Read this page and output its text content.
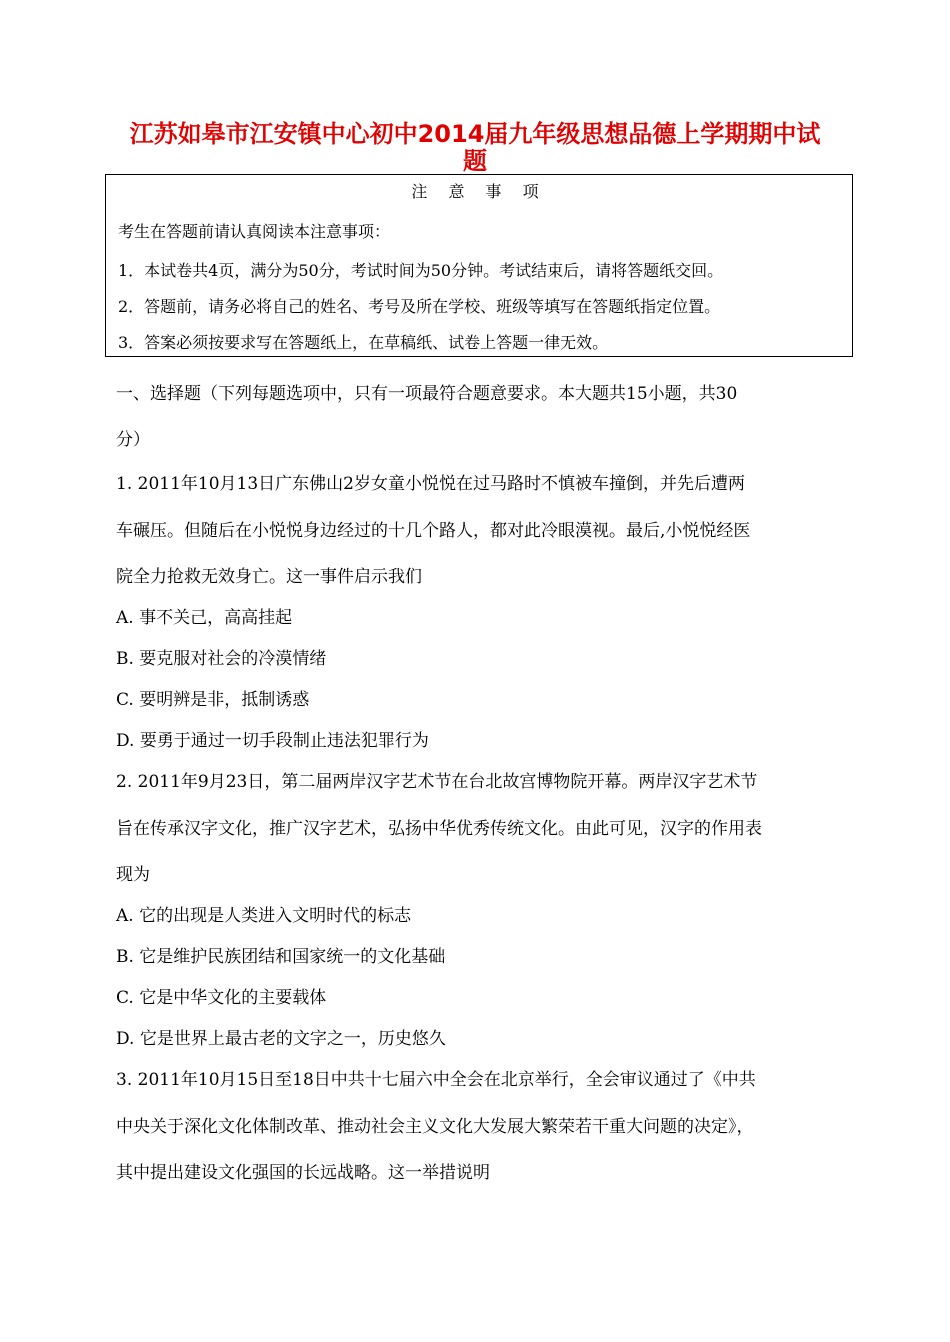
江苏如皋市江安镇中心初中2014届九年级思想品德上学期期中试
题
注 意 事 项
考生在答题前请认真阅读本注意事项：
1．本试卷共4页，满分为50分，考试时间为50分钟。考试结束后，请将答题纸交回。
2．答题前，请务必将自己的姓名、考号及所在学校、班级等填写在答题纸指定位置。
3．答案必须按要求写在答题纸上，在草稿纸、试卷上答题一律无效。
一、选择题（下列每题选项中，只有一项最符合题意要求。本大题共15小题，共30
分）
1. 2011年10月13日广东佛山2岁女童小悦悦在过马路时不慎被车撞倒，并先后遭两
车碾压。但随后在小悦悦身边经过的十几个路人，都对此冷眼漠视。最后,小悦悦经医
院全力抢救无效身亡。这一事件启示我们
A. 事不关己，高高挂起
B. 要克服对社会的冷漠情绪
C. 要明辨是非，抵制诱惑
D. 要勇于通过一切手段制止违法犯罪行为
2. 2011年9月23日，第二届两岸汉字艺术节在台北故宫博物院开幕。两岸汉字艺术节
旨在传承汉字文化，推广汉字艺术，弘扬中华优秀传统文化。由此可见，汉字的作用表
现为
A. 它的出现是人类进入文明时代的标志
B. 它是维护民族团结和国家统一的文化基础
C. 它是中华文化的主要载体
D. 它是世界上最古老的文字之一，历史悠久
3. 2011年10月15日至18日中共十七届六中全会在北京举行，全会审议通过了《中共
中央关于深化文化体制改革、推动社会主义文化大发展大繁荣若干重大问题的决定》，
其中提出建设文化强国的长远战略。这一举措说明
